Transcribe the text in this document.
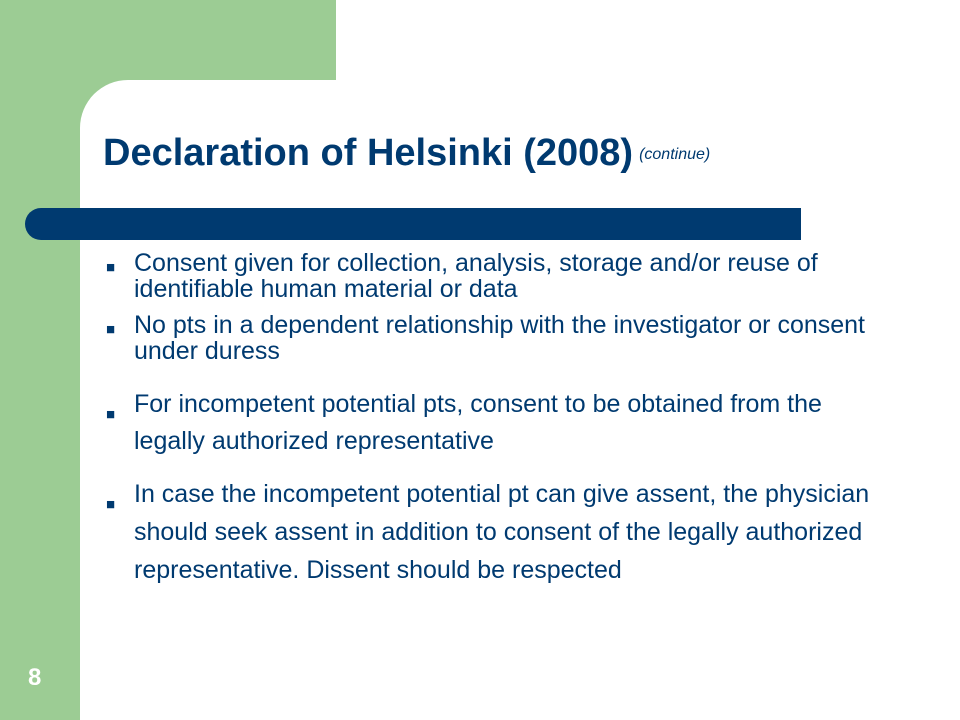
Declaration of Helsinki (2008) (continue)
■ Consent given for collection, analysis, storage and/or reuse of identifiable human material or data
■ No pts in a dependent relationship with the investigator or consent under duress
■ For incompetent potential pts, consent to be obtained from the legally authorized representative
■ In case the incompetent potential pt can give assent, the physician should seek assent in addition to consent of the legally authorized representative. Dissent should be respected
8
